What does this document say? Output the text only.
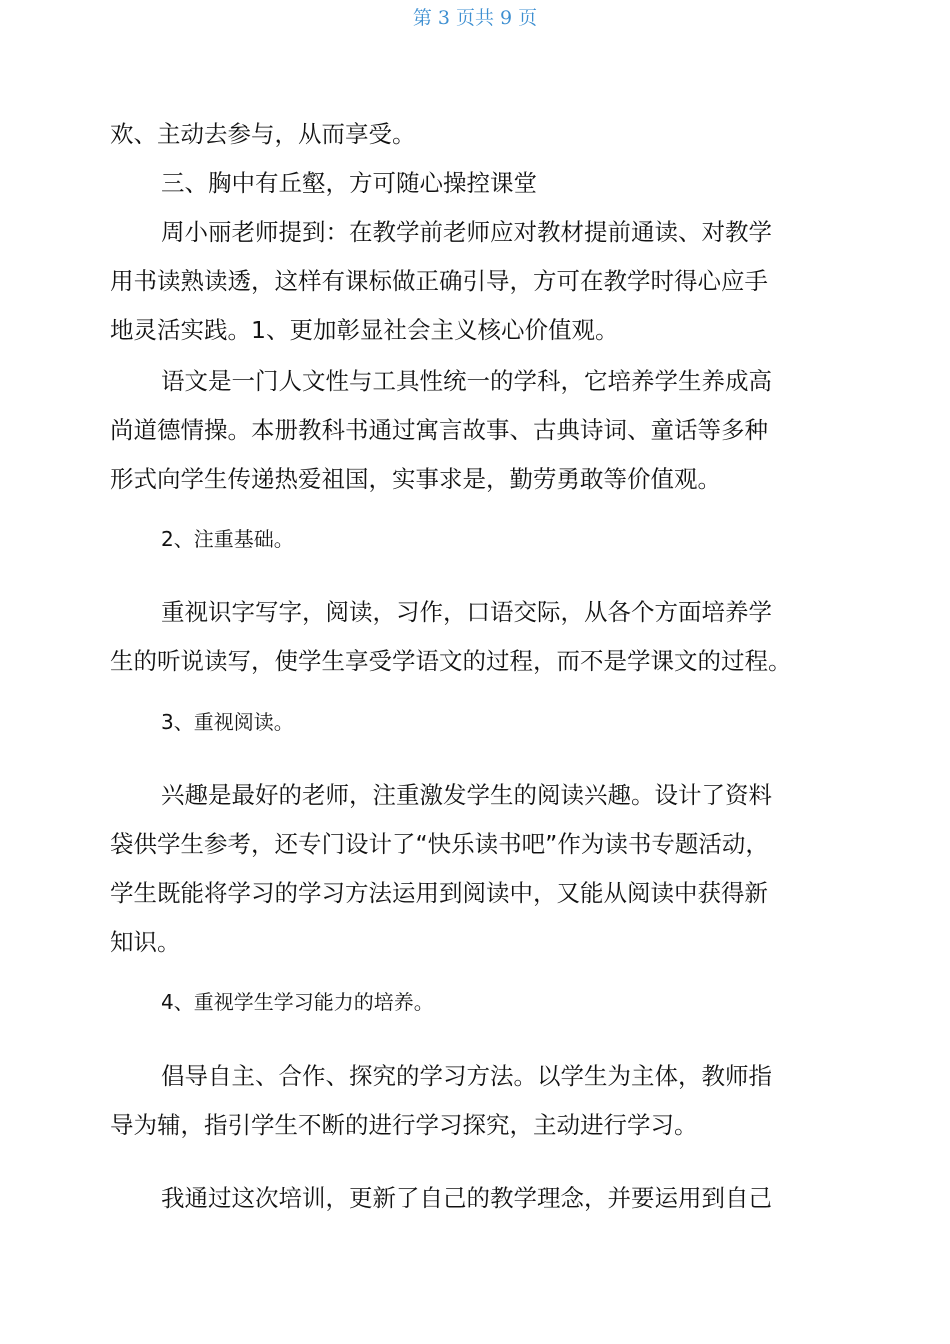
第 3 页共 9 页
欢、主动去参与，从而享受。
三、胸中有丘壑，方可随心操控课堂
周小丽老师提到：在教学前老师应对教材提前通读、对教学
用书读熟读透，这样有课标做正确引导，方可在教学时得心应手
地灵活实践。1、更加彰显社会主义核心价值观。
语文是一门人文性与工具性统一的学科，它培养学生养成高
尚道德情操。本册教科书通过寓言故事、古典诗词、童话等多种
形式向学生传递热爱祖国，实事求是，勤劳勇敢等价值观。
2、注重基础。
重视识字写字，阅读，习作，口语交际，从各个方面培养学
生的听说读写，使学生享受学语文的过程，而不是学课文的过程。
3、重视阅读。
兴趣是最好的老师，注重激发学生的阅读兴趣。设计了资料
袋供学生参考，还专门设计了“快乐读书吧”作为读书专题活动，
学生既能将学习的学习方法运用到阅读中，又能从阅读中获得新
知识。
4、重视学生学习能力的培养。
倡导自主、合作、探究的学习方法。以学生为主体，教师指
导为辅，指引学生不断的进行学习探究，主动进行学习。
我通过这次培训，更新了自己的教学理念，并要运用到自己
